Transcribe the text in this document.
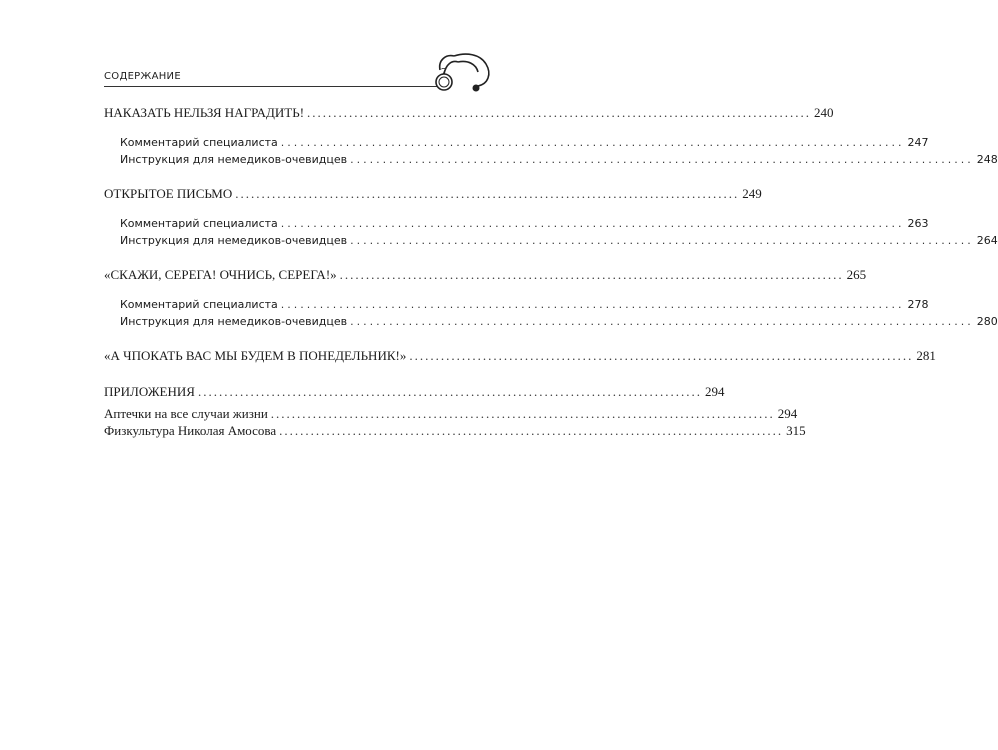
СОДЕРЖАНИЕ	7
НАКАЗАТЬ НЕЛЬЗЯ НАГРАДИТЬ! ................................................................................................ 240
Комментарий специалиста ................................................................................................ 247
Инструкция для немедиков-очевидцев ................................................................................................ 248
ОТКРЫТОЕ ПИСЬМО ................................................................................................ 249
Комментарий специалиста ................................................................................................ 263
Инструкция для немедиков-очевидцев ................................................................................................ 264
«СКАЖИ, СЕРЕГА! ОЧНИСЬ, СЕРЕГА!» ................................................................................................ 265
Комментарий специалиста ................................................................................................ 278
Инструкция для немедиков-очевидцев ................................................................................................ 280
«А ЧПОКАТЬ ВАС МЫ БУДЕМ В ПОНЕДЕЛЬНИК!» ................................................................................................ 281
ПРИЛОЖЕНИЯ ................................................................................................ 294
Аптечки на все случаи жизни ................................................................................................ 294
Физкультура Николая Амосова ................................................................................................ 315
